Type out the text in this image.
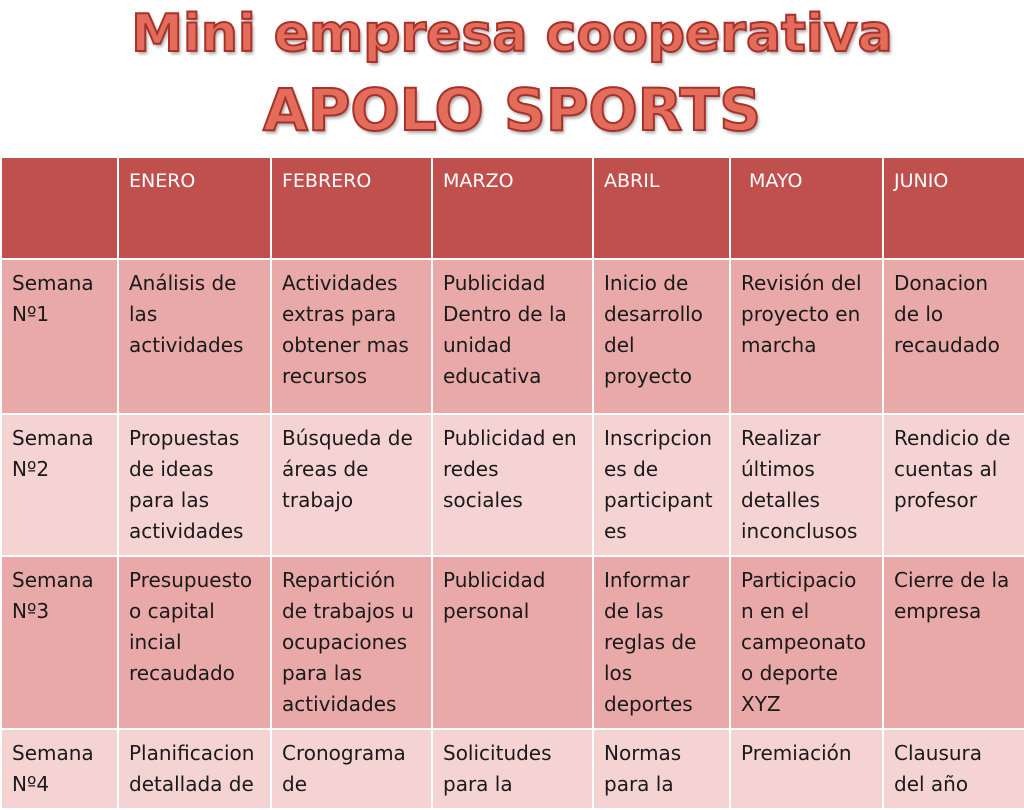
Mini empresa cooperativa
APOLO SPORTS
	ENERO	FEBRERO	MARZO	ABRIL	MAYO	JUNIO
Semana Nº1	Análisis de las actividades	Actividades extras para obtener mas recursos	Publicidad Dentro de la unidad educativa	Inicio de desarrollo del proyecto	Revisión del proyecto en marcha	Donacion de lo recaudado
Semana Nº2	Propuestas de ideas para las actividades	Búsqueda de áreas de trabajo	Publicidad en redes sociales	Inscripcion es de participant es	Realizar últimos detalles inconclusos	Rendicio de cuentas al profesor
Semana Nº3	Presupuesto o capital incial recaudado	Repartición de trabajos u ocupaciones para las actividades	Publicidad personal	Informar de las reglas de los deportes	Participacio n en el campeonato o deporte XYZ	Cierre de la empresa
Semana Nº4	Planificacion detallada de	Cronograma de	Solicitudes para la	Normas para la	Premiación	Clausura del año
